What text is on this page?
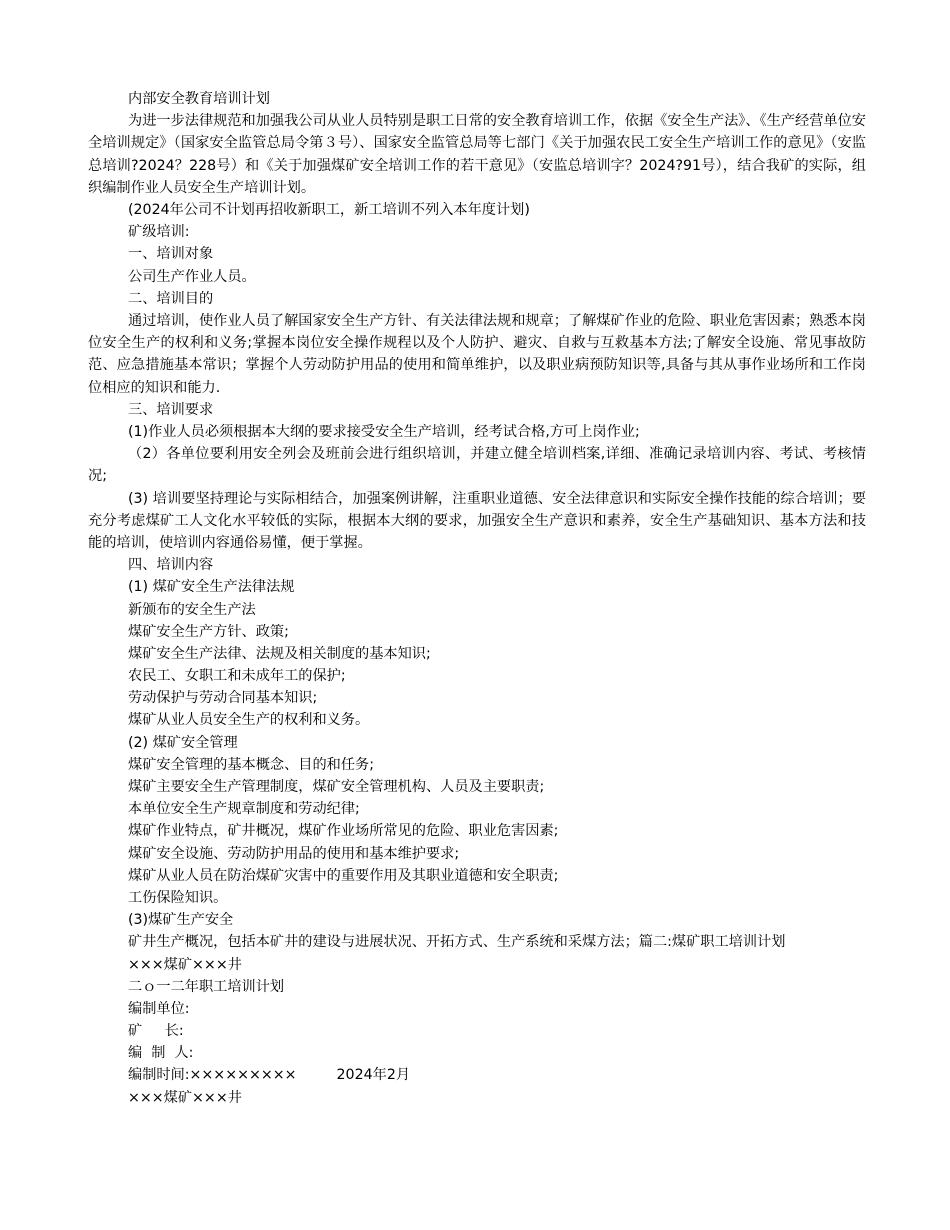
内部安全教育培训计划
为进一步法律规范和加强我公司从业人员特别是职工日常的安全教育培训工作，依据《安全生产法》、《生产经营单位安全培训规定》（国家安全监管总局令第３号）、国家安全监管总局等七部门《关于加强农民工安全生产培训工作的意见》（安监总培训?2024？228号）和《关于加强煤矿安全培训工作的若干意见》（安监总培训字？2024?91号），结合我矿的实际，组织编制作业人员安全生产培训计划。
(2024年公司不计划再招收新职工，新工培训不列入本年度计划)
矿级培训:
一、培训对象
公司生产作业人员。
二、培训目的
通过培训，使作业人员了解国家安全生产方针、有关法律法规和规章；了解煤矿作业的危险、职业危害因素；熟悉本岗位安全生产的权利和义务;掌握本岗位安全操作规程以及个人防护、避灾、自救与互救基本方法;了解安全设施、常见事故防范、应急措施基本常识；掌握个人劳动防护用品的使用和简单维护，以及职业病预防知识等,具备与其从事作业场所和工作岗位相应的知识和能力.
三、培训要求
(1)作业人员必须根据本大纲的要求接受安全生产培训，经考试合格,方可上岗作业;
（2）各单位要利用安全列会及班前会进行组织培训，并建立健全培训档案,详细、准确记录培训内容、考试、考核情况;
(3) 培训要坚持理论与实际相结合，加强案例讲解，注重职业道德、安全法律意识和实际安全操作技能的综合培训；要充分考虑煤矿工人文化水平较低的实际，根据本大纲的要求，加强安全生产意识和素养，安全生产基础知识、基本方法和技能的培训，使培训内容通俗易懂，便于掌握。
四、培训内容
(1) 煤矿安全生产法律法规
新颁布的安全生产法
煤矿安全生产方针、政策;
煤矿安全生产法律、法规及相关制度的基本知识;
农民工、女职工和未成年工的保护;
劳动保护与劳动合同基本知识;
煤矿从业人员安全生产的权利和义务。
(2) 煤矿安全管理
煤矿安全管理的基本概念、目的和任务;
煤矿主要安全生产管理制度，煤矿安全管理机构、人员及主要职责;
本单位安全生产规章制度和劳动纪律;
煤矿作业特点，矿井概况，煤矿作业场所常见的危险、职业危害因素;
煤矿安全设施、劳动防护用品的使用和基本维护要求;
煤矿从业人员在防治煤矿灾害中的重要作用及其职业道德和安全职责;
工伤保险知识。
(3)煤矿生产安全
矿井生产概况，包括本矿井的建设与进展状况、开拓方式、生产系统和采煤方法；篇二:煤矿职工培训计划
×××煤矿×××井
二ｏ一二年职工培训计划
编制单位:
矿     长:
编  制  人:
编制时间:×××××××××	2024年2月
×××煤矿×××井
